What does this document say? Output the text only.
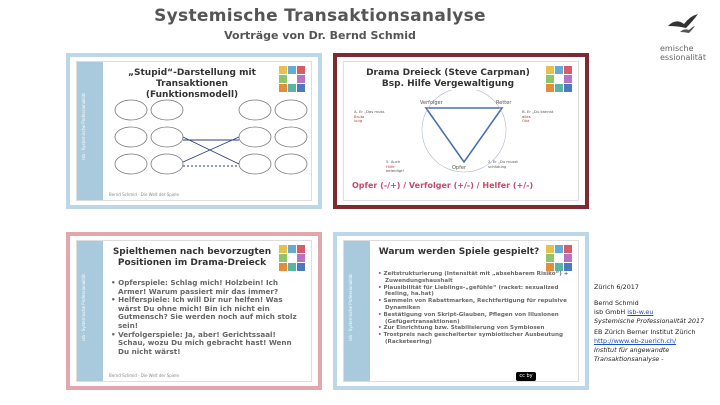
Systemische Transaktionsanalyse
Vorträge von Dr. Bernd Schmid
emische
essionalität
isb · Systemische Professionalität
„Stupid“-Darstellung mit
Transaktionen (Funktionsmodell)
Bernd Schmid · Die Welt der Spiele
Drama Dreieck (Steve Carpman)
Bsp. Hilfe Vergewaltigung
Verfolger	Retter
Opfer
A. Er „Das muss
Bruta
lung
B. Er „Du kannst
alles
Oka
5. Auch
Hilfe
beleidigt!
2. Er „Du musst
schädung
Opfer (-/+) / Verfolger (+/-) / Helfer (+/-)
isb · Systemische Professionalität
Spielthemen nach bevorzugten
Positionen im Drama-Dreieck
• Opferspiele: Schlag mich! Holzbein! Ich Armer! Warum passiert mir das immer?
• Helferspiele: Ich will Dir nur helfen! Was wärst Du ohne mich! Bin ich nicht ein Gutmensch? Sie werden noch auf mich stolz sein!
• Verfolgerspiele: Ja, aber! Gerichtssaal! Schau, wozu Du mich gebracht hast! Wenn Du nicht wärst!
Bernd Schmid · Die Welt der Spiele
isb · Systemische Professionalität
Warum werden Spiele gespielt?
• Zeitstrukturierung (Intensität mit „absehbarem Risiko“) + Zuwendungshaushalt
• Plausibilität für Lieblings-„gefühle“ (racket: sexualized feeling, ha.hat)
• Sammeln von Rabattmarken, Rechtfertigung für repulsive Dynamiken
• Bestätigung von Skript-Glauben, Pflegen von Illusionen (Gefügertransaktionen)
• Zur Einrichtung bzw. Stabilisierung von Symbiosen
• Trostpreis nach gescheiterter symbiotischer Ausbeutung (Racketeering)
cc by
Zürich 6/2017
Bernd Schmid
isb GmbH isb-w.eu
Systemische Professionalität 2017
EB Zürich Berner Institut Zürich
http://www.eb-zuerich.ch/
Institut für angewandte
Transaktionsanalyse -
